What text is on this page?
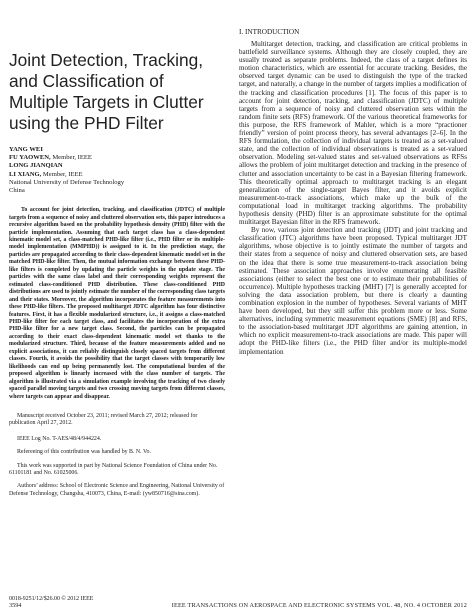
Joint Detection, Tracking, and Classification of Multiple Targets in Clutter using the PHD Filter
YANG WEI
FU YAOWEN, Member, IEEE
LONG JIANQIAN
LI XIANG, Member, IEEE
National University of Defense Technology
China

To account for joint detection, tracking, and classification (JDTC) of multiple targets from a sequence of noisy and cluttered observation sets, this paper introduces a recursive algorithm based on the probability hypothesis density (PHD) filter with the particle implementation. Assuming that each target class has a class-dependent kinematic model set, a class-matched PHD-like filter (i.e., PHD filter or its multiple-model implementation (MMPHD)) is assigned to it. In the prediction stage, the particles are propagated according to their class-dependent kinematic model set in the matched PHD-like filter. Then, the mutual information exchange between these PHD-like filters is completed by updating the particle weights in the update stage. The particles with the same class label and their corresponding weights represent the estimated class-conditioned PHD distribution. These class-conditioned PHD distributions are used to jointly estimate the number of the corresponding class targets and their states. Moreover, the algorithm incorporates the feature measurements into these PHD-like filters. The proposed multitarget JDTC algorithm has four distinctive features. First, it has a flexible modularized structure, i.e., it assigns a class-matched PHD-like filter for each target class, and facilitates the incorporation of the extra PHD-like filter for a new target class. Second, the particles can be propagated according to their exact class-dependent kinematic model set thanks to the modularized structure. Third, because of the feature measurements added and no explicit associations, it can reliably distinguish closely spaced targets from different classes. Fourth, it avoids the possibility that the target classes with temporarily low likelihoods can end up being permanently lost. The computational burden of the proposed algorithm is linearly increased with the class number of targets. The algorithm is illustrated via a simulation example involving the tracking of two closely spaced parallel moving targets and two crossing moving targets from different classes, where targets can appear and disappear.

Manuscript received October 23, 2011; revised March 27, 2012; released for publication April 27, 2012.

IEEE Log No. T-AES/48/4/944224.

Refereeing of this contribution was handled by B. N. Vo.

This work was supported in part by National Science Foundation of China under No. 61101181 and No. 61025006.

Authors’ address: School of Electronic Science and Engineering, National University of Defense Technology, Changsha, 410073, China, E-mail: (yw850716@sina.com).

0018-9251/12/$26.00 © 2012 IEEE
I. INTRODUCTION

Multitarget detection, tracking, and classification are critical problems in battlefield surveillance systems. Although they are closely coupled, they are usually treated as separate problems. Indeed, the class of a target defines its motion characteristics, which are essential for accurate tracking. Besides, the observed target dynamic can be used to distinguish the type of the tracked target, and naturally, a change in the number of targets implies a modification of the tracking and classification procedures [1]. The focus of this paper is to account for joint detection, tracking, and classification (JDTC) of multiple targets from a sequence of noisy and cluttered observation sets within the random finite sets (RFS) framework. Of the various theoretical frameworks for this purpose, the RFS framework of Mahler, which is a more “practioner friendly” version of point process theory, has several advantages [2–6]. In the RFS formulation, the collection of individual targets is treated as a set-valued state, and the collection of individual observations is treated as a set-valued observation. Modeling set-valued states and set-valued observations as RFSs allows the problem of joint multitarget detection and tracking in the presence of clutter and association uncertainty to be cast in a Bayesian filtering framework. This theoretically optimal approach to multitarget tracking is an elegant generalization of the single-target Bayes filter, and it avoids explicit measurement-to-track associations, which make up the bulk of the computational load in multitarget tracking algorithms. The probability hypothesis density (PHD) filter is an approximate substitute for the optimal multitarget Bayesian filter in the RFS framework.

By now, various joint detection and tracking (JDT) and joint tracking and classification (JTC) algorithms have been proposed. Typical multitarget JDT algorithms, whose objective is to jointly estimate the number of targets and their states from a sequence of noisy and cluttered observation sets, are based on the idea that there is some true measurement-to-track association being estimated. These association approaches involve enumerating all feasible associations (either to select the best one or to estimate their probabilities of occurrence). Multiple hypotheses tracking (MHT) [7] is generally accepted for solving the data association problem, but there is clearly a daunting combination explosion in the number of hypotheses. Several variants of MHT have been developed, but they still suffer this problem more or less. Some alternatives, including symmetric measurement equations (SME) [8] and RFS, to the association-based multitarget JDT algorithms are gaining attention, in which no explicit measurement-to-track associations are made. This paper will adopt the PHD-like filters (i.e., the PHD filter and/or its multiple-model implementation

3594	IEEE TRANSACTIONS ON AEROSPACE AND ELECTRONIC SYSTEMS VOL. 48, NO. 4 OCTOBER 2012
